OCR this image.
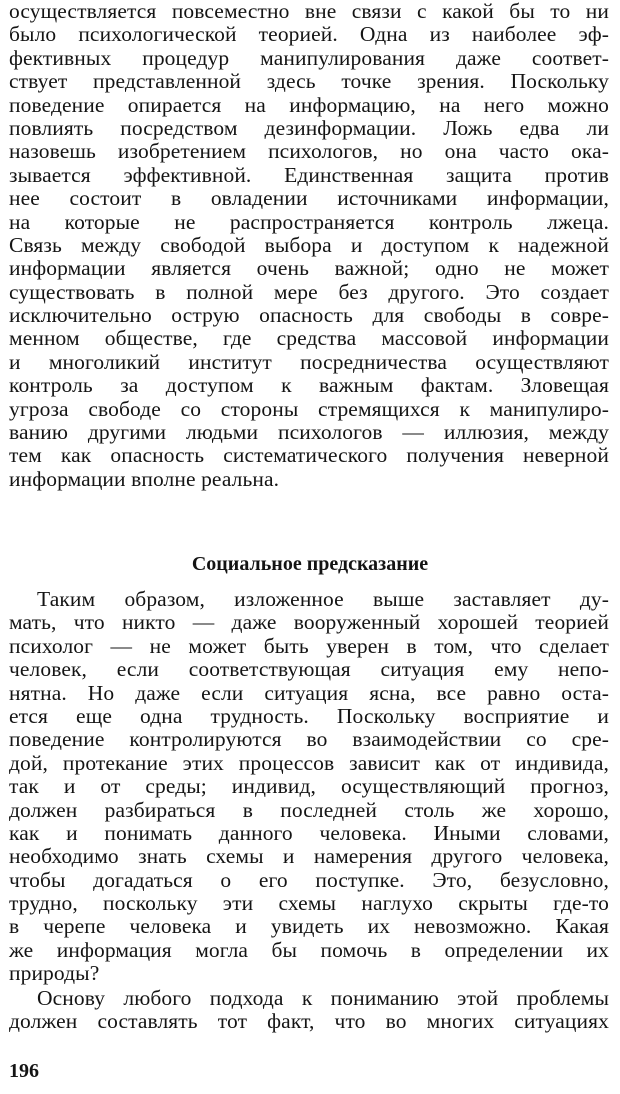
осуществляется повсеместно вне связи с какой бы то ни
было психологической теорией. Одна из наиболее эф-
фективных процедур манипулирования даже соответ-
ствует представленной здесь точке зрения. Поскольку
поведение опирается на информацию, на него можно
повлиять посредством дезинформации. Ложь едва ли
назовешь изобретением психологов, но она часто ока-
зывается эффективной. Единственная защита против
нее состоит в овладении источниками информации,
на которые не распространяется контроль лжеца.
Связь между свободой выбора и доступом к надежной
информации является очень важной; одно не может
существовать в полной мере без другого. Это создает
исключительно острую опасность для свободы в совре-
менном обществе, где средства массовой информации
и многоликий институт посредничества осуществляют
контроль за доступом к важным фактам. Зловещая
угроза свободе со стороны стремящихся к манипулиро-
ванию другими людьми психологов — иллюзия, между
тем как опасность систематического получения неверной
информации вполне реальна.
Социальное предсказание
Таким образом, изложенное выше заставляет ду-
мать, что никто — даже вооруженный хорошей теорией
психолог — не может быть уверен в том, что сделает
человек, если соответствующая ситуация ему непо-
нятна. Но даже если ситуация ясна, все равно оста-
ется еще одна трудность. Поскольку восприятие и
поведение контролируются во взаимодействии со сре-
дой, протекание этих процессов зависит как от индивида,
так и от среды; индивид, осуществляющий прогноз,
должен разбираться в последней столь же хорошо,
как и понимать данного человека. Иными словами,
необходимо знать схемы и намерения другого человека,
чтобы догадаться о его поступке. Это, безусловно,
трудно, поскольку эти схемы наглухо скрыты где-то
в черепе человека и увидеть их невозможно. Какая
же информация могла бы помочь в определении их
природы?
Основу любого подхода к пониманию этой проблемы
должен составлять тот факт, что во многих ситуациях
196
